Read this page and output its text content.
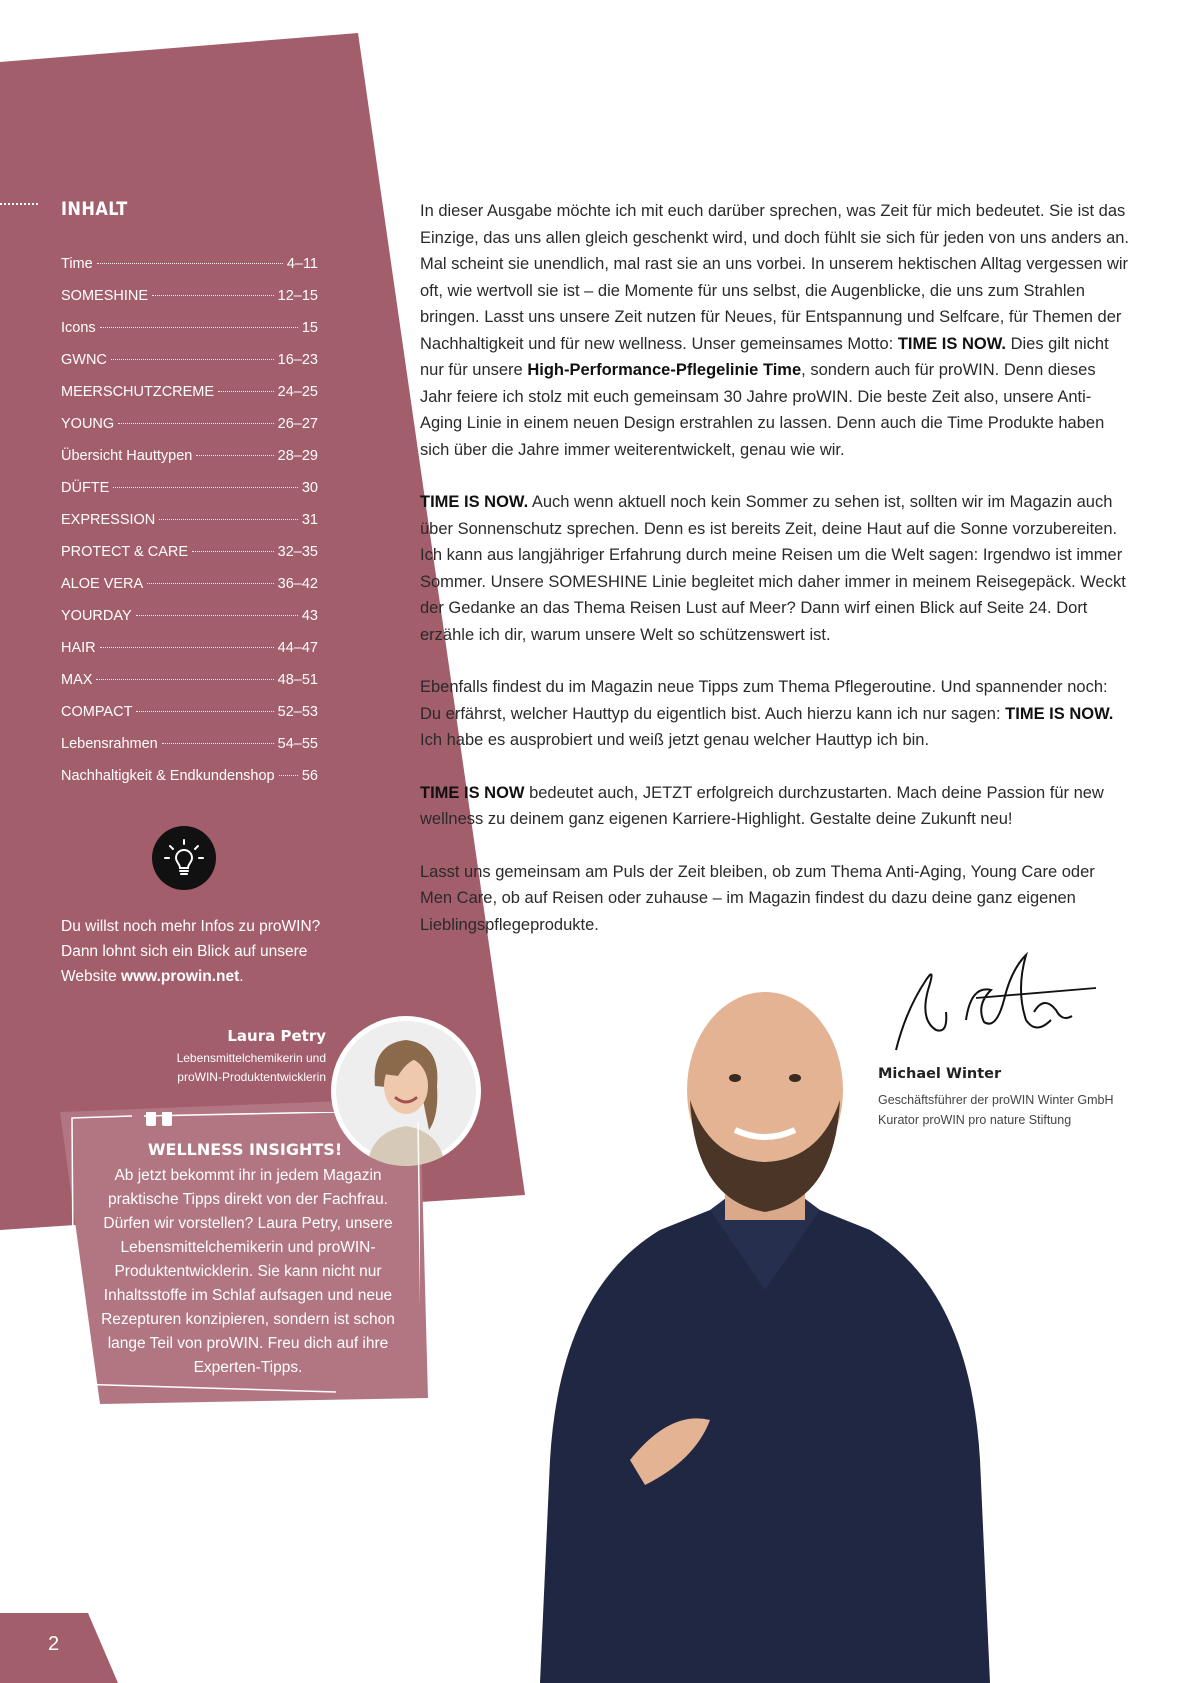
INHALT
Time	4–11
SOMESHINE	12–15
Icons	15
GWNC	16–23
MEERSCHUTZCREME	24–25
YOUNG	26–27
Übersicht Hauttypen	28–29
DÜFTE	30
EXPRESSION	31
PROTECT & CARE	32–35
ALOE VERA	36–42
YOURDAY	43
HAIR	44–47
MAX	48–51
COMPACT	52–53
Lebensrahmen	54–55
Nachhaltigkeit & Endkundenshop 56
Du willst noch mehr Infos zu proWIN?
Dann lohnt sich ein Blick auf unsere
Website www.prowin.net.
Laura Petry
Lebensmittelchemikerin und
proWIN-Produktentwicklerin
WELLNESS INSIGHTS!
Ab jetzt bekommt ihr in jedem Magazin praktische Tipps direkt von der Fachfrau. Dürfen wir vorstellen? Laura Petry, unsere Lebensmittelchemikerin und proWIN-Produktentwicklerin. Sie kann nicht nur Inhaltsstoffe im Schlaf aufsagen und neue Rezepturen konzipieren, sondern ist schon lange Teil von proWIN. Freu dich auf ihre Experten-Tipps.
2

In dieser Ausgabe möchte ich mit euch darüber sprechen, was Zeit für mich bedeutet. Sie ist das Einzige, das uns allen gleich geschenkt wird, und doch fühlt sie sich für jeden von uns anders an. Mal scheint sie unendlich, mal rast sie an uns vorbei. In unserem hektischen Alltag vergessen wir oft, wie wertvoll sie ist – die Momente für uns selbst, die Augenblicke, die uns zum Strahlen bringen. Lasst uns unsere Zeit nutzen für Neues, für Entspannung und Selfcare, für Themen der Nachhaltigkeit und für new wellness. Unser gemeinsames Motto: TIME IS NOW. Dies gilt nicht nur für unsere High-Performance-Pflegelinie Time, sondern auch für proWIN. Denn dieses Jahr feiere ich stolz mit euch gemeinsam 30 Jahre proWIN. Die beste Zeit also, unsere Anti-Aging Linie in einem neuen Design erstrahlen zu lassen. Denn auch die Time Produkte haben sich über die Jahre immer weiterentwickelt, genau wie wir.

TIME IS NOW. Auch wenn aktuell noch kein Sommer zu sehen ist, sollten wir im Magazin auch über Sonnenschutz sprechen. Denn es ist bereits Zeit, deine Haut auf die Sonne vorzubereiten. Ich kann aus langjähriger Erfahrung durch meine Reisen um die Welt sagen: Irgendwo ist immer Sommer. Unsere SOMESHINE Linie begleitet mich daher immer in meinem Reisegepäck. Weckt der Gedanke an das Thema Reisen Lust auf Meer? Dann wirf einen Blick auf Seite 24. Dort erzähle ich dir, warum unsere Welt so schützenswert ist.

Ebenfalls findest du im Magazin neue Tipps zum Thema Pflegeroutine. Und spannender noch: Du erfährst, welcher Hauttyp du eigentlich bist. Auch hierzu kann ich nur sagen: TIME IS NOW. Ich habe es ausprobiert und weiß jetzt genau welcher Hauttyp ich bin.

TIME IS NOW bedeutet auch, JETZT erfolgreich durchzustarten. Mach deine Passion für new wellness zu deinem ganz eigenen Karriere-Highlight. Gestalte deine Zukunft neu!

Lasst uns gemeinsam am Puls der Zeit bleiben, ob zum Thema Anti-Aging, Young Care oder Men Care, ob auf Reisen oder zuhause – im Magazin findest du dazu deine ganz eigenen Lieblingspflegeprodukte.

Michael Winter
Geschäftsführer der proWIN Winter GmbH
Kurator proWIN pro nature Stiftung
